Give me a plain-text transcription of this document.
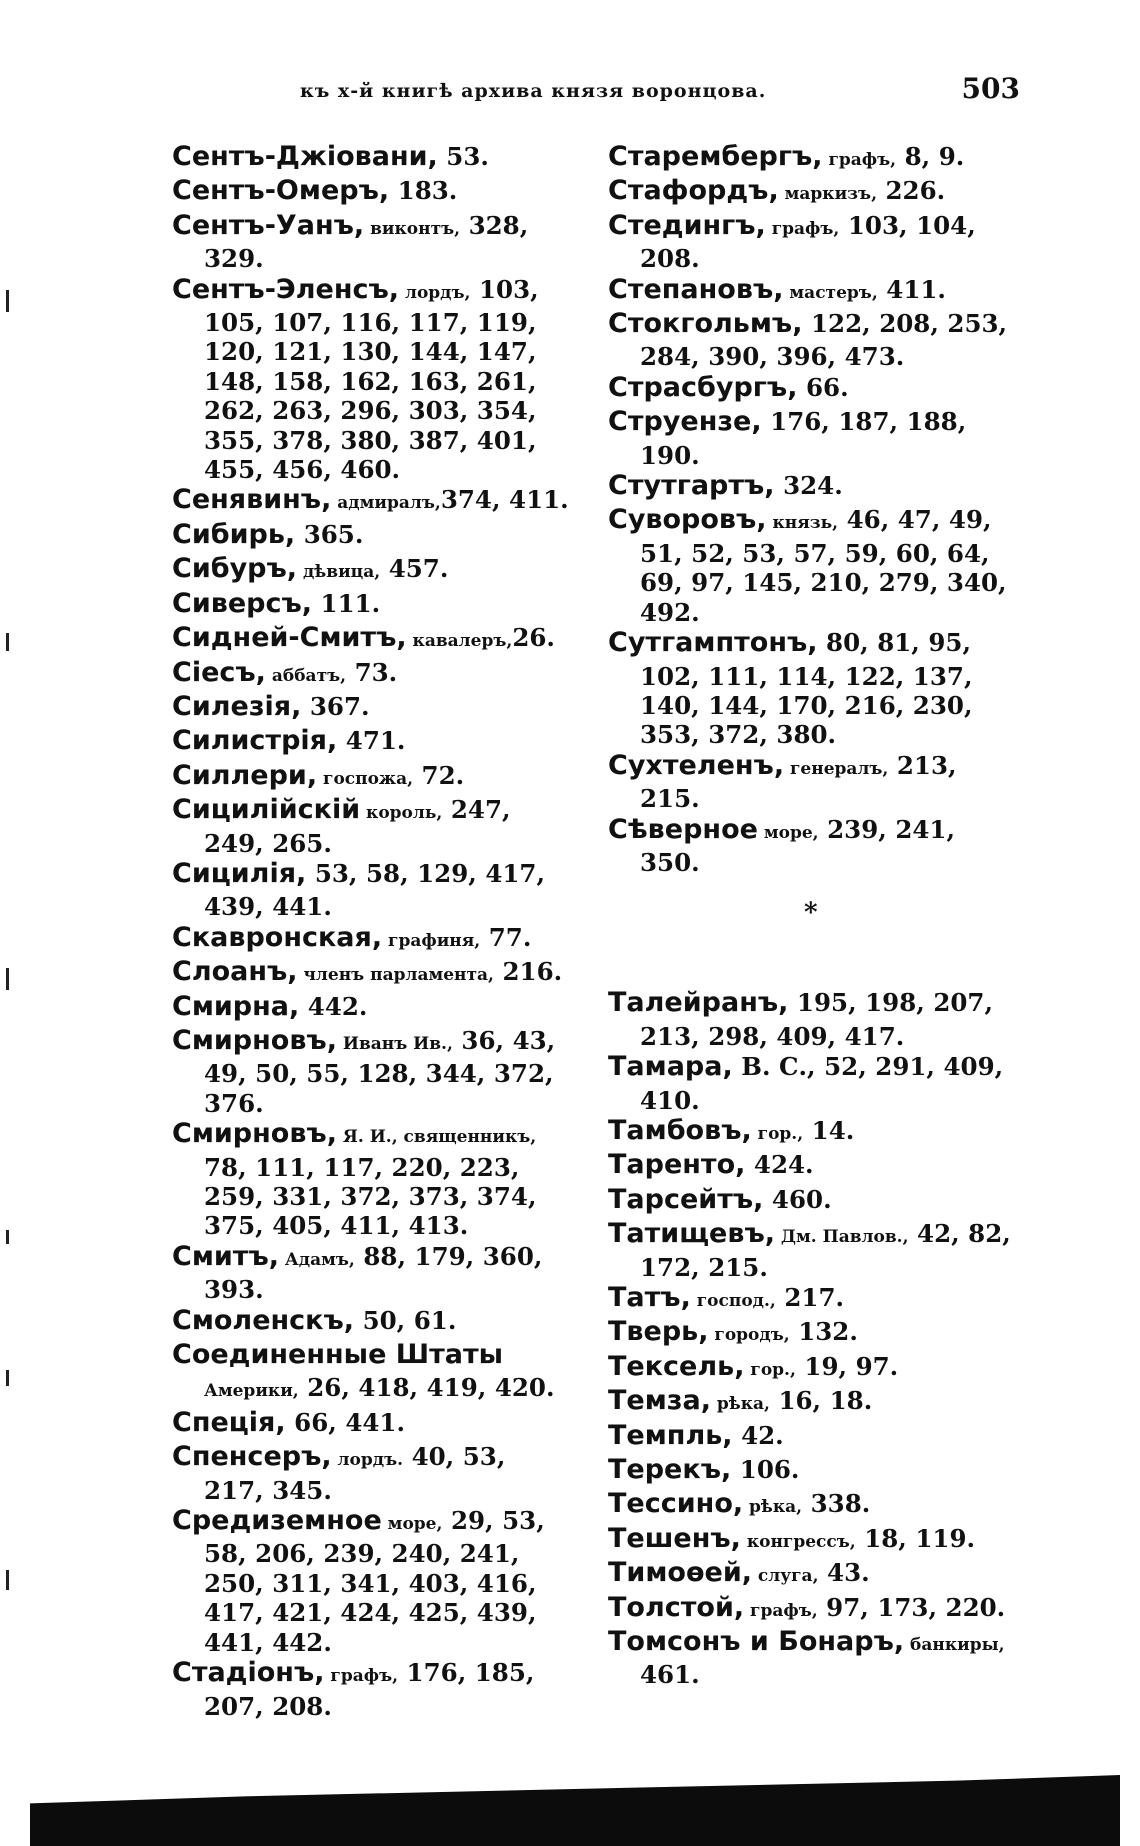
къ х-й книгѣ архива князя воронцова.	503

Сентъ-Джіовани, 53.

Сентъ-Омеръ, 183.

Сентъ-Уанъ, виконтъ, 328, 329.

Сентъ-Эленсъ, лордъ, 103, 105, 107, 116, 117, 119, 120, 121, 130, 144, 147, 148, 158, 162, 163, 261, 262, 263, 296, 303, 354, 355, 378, 380, 387, 401, 455, 456, 460.

Сенявинъ, адмиралъ,374, 411.

Сибирь, 365.

Сибуръ, дѣвица, 457.

Сиверсъ, 111.

Сидней-Смитъ, кавалеръ,26.

Сіесъ, аббатъ, 73.

Силезія, 367.

Силистрія, 471.

Силлери, госпожа, 72.

Сицилійскій король, 247, 249, 265.

Сицилія, 53, 58, 129, 417, 439, 441.

Скавронская, графиня, 77.

Слоанъ, членъ парламента, 216.

Смирна, 442.

Смирновъ, Иванъ Ив., 36, 43, 49, 50, 55, 128, 344, 372, 376.

Смирновъ, Я. И., священникъ, 78, 111, 117, 220, 223, 259, 331, 372, 373, 374, 375, 405, 411, 413.

Смитъ, Адамъ, 88, 179, 360, 393.

Смоленскъ, 50, 61.

Соединенные Штаты Америки, 26, 418, 419, 420.

Спеція, 66, 441.

Спенсеръ, лордъ. 40, 53, 217, 345.

Средиземное море, 29, 53, 58, 206, 239, 240, 241, 250, 311, 341, 403, 416, 417, 421, 424, 425, 439, 441, 442.

Стадіонъ, графъ, 176, 185, 207, 208.

Старембергъ, графъ, 8, 9.

Стафордъ, маркизъ, 226.

Стедингъ, графъ, 103, 104, 208.

Степановъ, мастеръ, 411.

Стокгольмъ, 122, 208, 253, 284, 390, 396, 473.

Страсбургъ, 66.

Струензе, 176, 187, 188, 190.

Стутгартъ, 324.

Суворовъ, князь, 46, 47, 49, 51, 52, 53, 57, 59, 60, 64, 69, 97, 145, 210, 279, 340, 492.

Сутгамптонъ, 80, 81, 95, 102, 111, 114, 122, 137, 140, 144, 170, 216, 230, 353, 372, 380.

Сухтеленъ, генералъ, 213, 215.

Сѣверное море, 239, 241, 350.

*

Талейранъ, 195, 198, 207, 213, 298, 409, 417.

Тамара, В. С., 52, 291, 409, 410.

Тамбовъ, гор., 14.

Таренто, 424.

Тарсейтъ, 460.

Татищевъ, Дм. Павлов., 42, 82, 172, 215.

Татъ, господ., 217.

Тверь, городъ, 132.

Тексель, гор., 19, 97.

Темза, рѣка, 16, 18.

Темпль, 42.

Терекъ, 106.

Тессино, рѣка, 338.

Тешенъ, конгрессъ, 18, 119.

Тимоѳей, слуга, 43.

Толстой, графъ, 97, 173, 220.

Томсонъ и Бонаръ, банкиры, 461.
